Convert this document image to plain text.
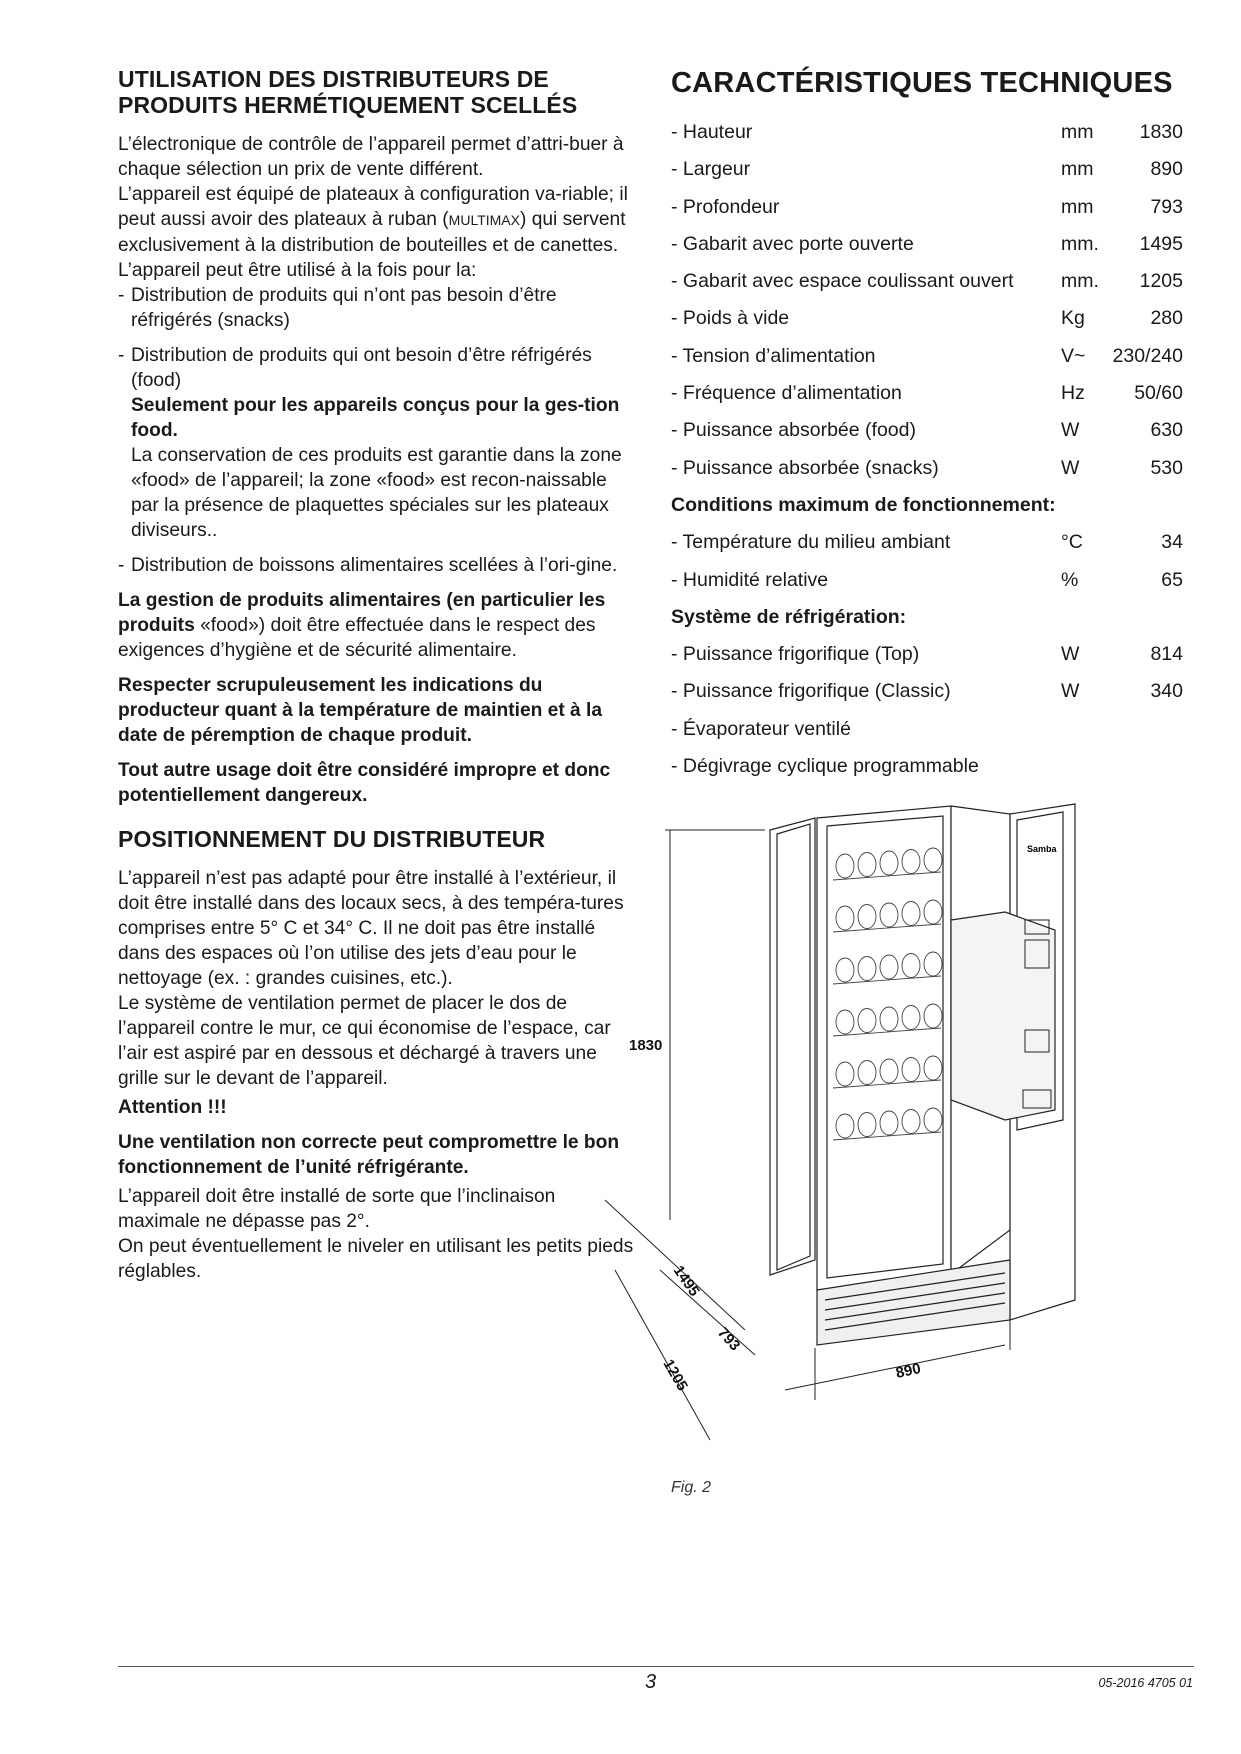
UTILISATION DES DISTRIBUTEURS DE
PRODUITS HERMÉTIQUEMENT SCELLÉS

L’électronique de contrôle de l’appareil permet d’attri-buer à chaque sélection un prix de vente différent.

L’appareil est équipé de plateaux à configuration va-riable; il peut aussi avoir des plateaux à ruban (MULTIMAX) qui servent exclusivement à la distribution de bouteilles et de canettes.

L’appareil peut être utilisé à la fois pour la:

- Distribution de produits qui n’ont pas besoin d’être réfrigérés (snacks)
- Distribution de produits qui ont besoin d’être réfrigérés (food)
Seulement pour les appareils conçus pour la ges-tion food.
La conservation de ces produits est garantie dans la zone «food» de l’appareil; la zone «food» est recon-naissable par la présence de plaquettes spéciales sur les plateaux diviseurs..
- Distribution de boissons alimentaires scellées à l’ori-gine.

La gestion de produits alimentaires (en particulier les produits «food») doit être effectuée dans le respect des exigences d’hygiène et de sécurité alimentaire.

Respecter scrupuleusement les indications du producteur quant à la température de maintien et à la date de péremption de chaque produit.

Tout autre usage doit être considéré impropre et donc potentiellement dangereux.

POSITIONNEMENT DU DISTRIBUTEUR

L’appareil n’est pas adapté pour être installé à l’extérieur, il doit être installé dans des locaux secs, à des tempéra-tures comprises entre 5° C et 34° C. Il ne doit pas être installé dans des espaces où l’on utilise des jets d’eau pour le nettoyage (ex. : grandes cuisines, etc.).

Le système de ventilation permet de placer le dos de l’appareil contre le mur, ce qui économise de l’espace, car l’air est aspiré par en dessous et déchargé à travers une grille sur le devant de l’appareil.

Attention !!!

Une ventilation non correcte peut compromettre le bon fonctionnement de l’unité réfrigérante.

L’appareil doit être installé de sorte que l’inclinaison maximale ne dépasse pas 2°.

On peut éventuellement le niveler en utilisant les petits pieds réglables.

CARACTÉRISTIQUES TECHNIQUES
- Hauteur	mm 1830
- Largeur	mm	890
- Profondeur	mm	793
- Gabarit avec porte ouverte	mm. 1495
- Gabarit avec espace coulissant ouvert mm. 1205
- Poids à vide	Kg	280
- Tension d’alimentation	V~ 230/240
- Fréquence d’alimentation	Hz	50/60
- Puissance absorbée (food)	W	630
- Puissance absorbée (snacks)	W	530
Conditions maximum de fonctionnement:
- Température du milieu ambiant	°C	34
- Humidité relative	%	65
Système de réfrigération:
- Puissance frigorifique (Top)	W	814
- Puissance frigorifique (Classic)	W	340
- Évaporateur ventilé
- Dégivrage cyclique programmable
Samba
1830
1495
793
1205	890
Fig. 2
3	05-2016 4705 01
